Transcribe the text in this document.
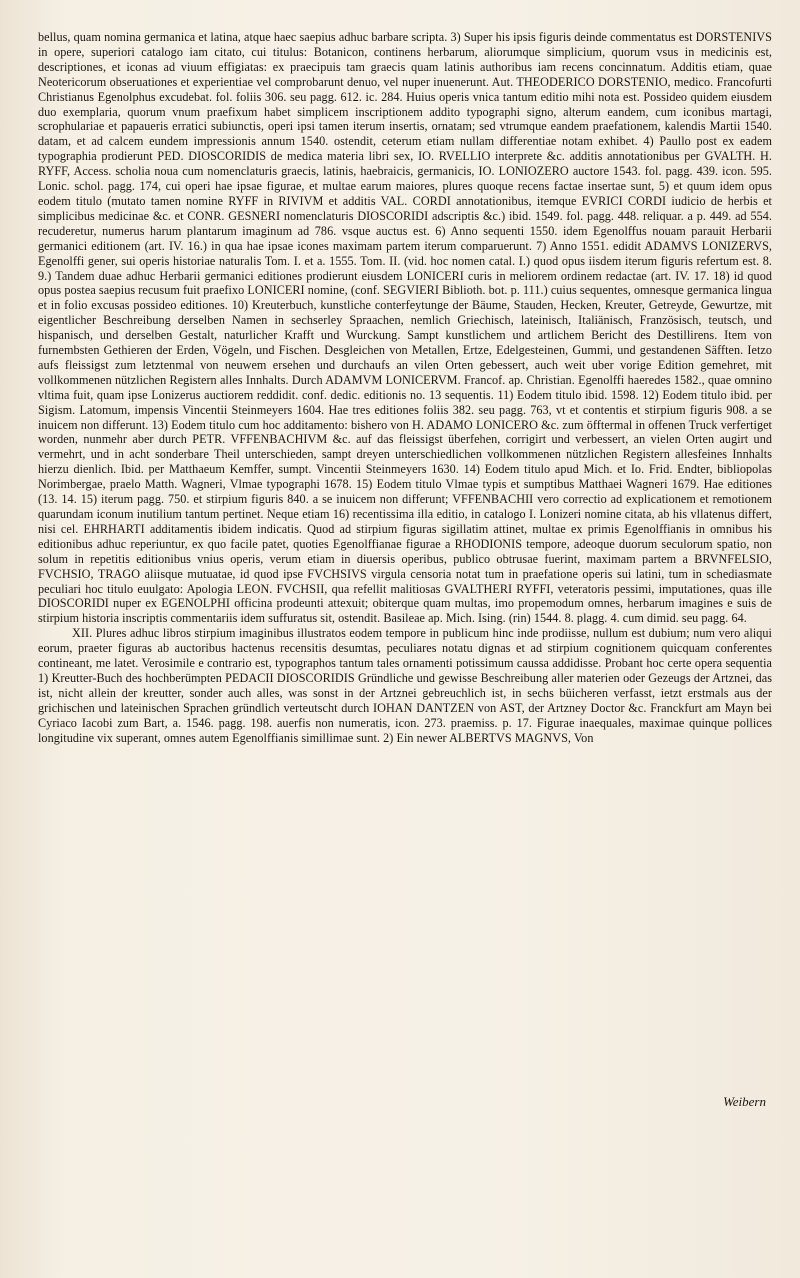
bellus, quam nomina germanica et latina, atque haec saepius adhuc barbare scripta. 3) Super his ipsis figuris deinde commentatus est DORSTENIVS in opere, superiori catalogo iam citato, cui titulus: Botanicon, continens herbarum, aliorumque simplicium, quorum vsus in medicinis est, descriptiones, et iconas ad viuum effigiatas: ex praecipuis tam graecis quam latinis authoribus iam recens concinnatum. Additis etiam, quae Neotericorum obseruationes et experientiae vel comprobarunt denuo, vel nuper inuenerunt. Aut. THEODERICO DORSTENIO, medico. Francofurti Christianus Egenolphus excudebat. fol. foliis 306. seu pagg. 612. ic. 284. Huius operis vnica tantum editio mihi nota est. Possideo quidem eiusdem duo exemplaria, quorum vnum praefixum habet simplicem inscriptionem addito typographi signo, alterum eandem, cum iconibus martagi, scrophulariae et papaueris erratici subiunctis, operi ipsi tamen iterum insertis, ornatam; sed vtrumque eandem praefationem, kalendis Martii 1540. datam, et ad calcem eundem impressionis annum 1540. ostendit, ceterum etiam nullam differentiae notam exhibet. 4) Paullo post ex eadem typographia prodierunt PED. DIOSCORIDIS de medica materia libri sex, IO. RVELLIO interprete &c. additis annotationibus per GVALTH. H. RYFF, Access. scholia noua cum nomenclaturis graecis, latinis, haebraicis, germanicis, IO. LONIOZERO auctore 1543. fol. pagg. 439. icon. 595. Lonic. schol. pagg. 174, cui operi hae ipsae figurae, et multae earum maiores, plures quoque recens factae insertae sunt, 5) et quum idem opus eodem titulo (mutato tamen nomine RYFF in RIVIVM et additis VAL. CORDI annotationibus, itemque EVRICI CORDI iudicio de herbis et simplicibus medicinae &c. et CONR. GESNERI nomenclaturis DIOSCORIDI adscriptis &c.) ibid. 1549. fol. pagg. 448. reliquar. a p. 449. ad 554. recuderetur, numerus harum plantarum imaginum ad 786. vsque auctus est. 6) Anno sequenti 1550. idem Egenolffus nouam parauit Herbarii germanici editionem (art. IV. 16.) in qua hae ipsae icones maximam partem iterum comparuerunt. 7) Anno 1551. edidit ADAMVS LONIZERVS, Egenolffi gener, sui operis historiae naturalis Tom. I. et a. 1555. Tom. II. (vid. hoc nomen catal. I.) quod opus iisdem iterum figuris refertum est. 8. 9.) Tandem duae adhuc Herbarii germanici editiones prodierunt eiusdem LONICERI curis in meliorem ordinem redactae (art. IV. 17. 18) id quod opus postea saepius recusum fuit praefixo LONICERI nomine, (conf. SEGVIERI Biblioth. bot. p. 111.) cuius sequentes, omnesque germanica lingua et in folio excusas possideo editiones. 10) Kreuterbuch, kunstliche conterfeytunge der Bäume, Stauden, Hecken, Kreuter, Getreyde, Gewurtze, mit eigentlicher Beschreibung derselben Namen in sechserley Spraachen, nemlich Griechisch, lateinisch, Italiänisch, Französisch, teutsch, und hispanisch, und derselben Gestalt, naturlicher Krafft und Wurckung. Sampt kunstlichem und artlichem Bericht des Destillirens. Item von furnembsten Gethieren der Erden, Vögeln, und Fischen. Desgleichen von Metallen, Ertze, Edelgesteinen, Gummi, und gestandenen Säfften. Ietzo aufs fleissigst zum letztenmal von neuwem ersehen und durchaufs an vilen Orten gebessert, auch weit uber vorige Edition gemehret, mit vollkommenen nützlichen Registern alles Innhalts. Durch ADAMVM LONICERVM. Francof. ap. Christian. Egenolffi haeredes 1582., quae omnino vltima fuit, quam ipse Lonizerus auctiorem reddidit. conf. dedic. editionis no. 13 sequentis. 11) Eodem titulo ibid. 1598. 12) Eodem titulo ibid. per Sigism. Latomum, impensis Vincentii Steinmeyers 1604. Hae tres editiones foliis 382. seu pagg. 763, vt et contentis et stirpium figuris 908. a se inuicem non differunt. 13) Eodem titulo cum hoc additamento: bishero von H. ADAMO LONICERO &c. zum öfftermal in offenen Truck verfertiget worden, nunmehr aber durch PETR. VFFENBACHIVM &c. auf das fleissigst überfehen, corrigirt und verbessert, an vielen Orten augirt und vermehrt, und in acht sonderbare Theil unterschieden, sampt dreyen unterschiedlichen vollkommenen nützlichen Registern allesfeines Innhalts hierzu dienlich. Ibid. per Matthaeum Kemffer, sumpt. Vincentii Steinmeyers 1630. 14) Eodem titulo apud Mich. et Io. Frid. Endter, bibliopolas Norimbergae, praelo Matth. Wagneri, Vlmae typographi 1678. 15) Eodem titulo Vlmae typis et sumptibus Matthaei Wagneri 1679. Hae editiones (13. 14. 15) iterum pagg. 750. et stirpium figuris 840. a se inuicem non differunt; VFFENBACHII vero correctio ad explicationem et remotionem quarundam iconum inutilium tantum pertinet. Neque etiam 16) recentissima illa editio, in catalogo I. Lonizeri nomine citata, ab his vllatenus differt, nisi cel. EHRHARTI additamentis ibidem indicatis. Quod ad stirpium figuras sigillatim attinet, multae ex primis Egenolffianis in omnibus his editionibus adhuc reperiuntur, ex quo facile patet, quoties Egenolffianae figurae a RHODIONIS tempore, adeoque duorum seculorum spatio, non solum in repetitis editionibus vnius operis, verum etiam in diuersis operibus, publico obtrusae fuerint, maximam partem a BRVNFELSIO, FVCHSIO, TRAGO aliisque mutuatae, id quod ipse FVCHSIVS virgula censoria notat tum in praefatione operis sui latini, tum in schediasmate peculiari hoc titulo euulgato: Apologia LEON. FVCHSII, qua refellit malitiosas GVALTHERI RYFFI, veteratoris pessimi, imputationes, quas ille DIOSCORIDI nuper ex EGENOLPHI officina prodeunti attexuit; obiterque quam multas, imo propemodum omnes, herbarum imagines e suis de stirpium historia inscriptis commentariis idem suffuratus sit, ostendit. Basileae ap. Mich. Ising. (rin) 1544. 8. plagg. 4. cum dimid. seu pagg. 64.

XII. Plures adhuc libros stirpium imaginibus illustratos eodem tempore in publicum hinc inde prodiisse, nullum est dubium; num vero aliqui eorum, praeter figuras ab auctoribus hactenus recensitis desumtas, peculiares notatu dignas et ad stirpium cognitionem quicquam conferentes contineant, me latet. Verosimile e contrario est, typographos tantum tales ornamenti potissimum caussa addidisse. Probant hoc certe opera sequentia 1) Kreutter-Buch des hochberümpten PEDACII DIOSCORIDIS Gründliche und gewisse Beschreibung aller materien oder Gezeugs der Artznei, das ist, nicht allein der kreutter, sonder auch alles, was sonst in der Artznei gebreuchlich ist, in sechs büicheren verfasst, ietzt erstmals aus der grichischen und lateinischen Sprachen gründlich verteutscht durch IOHAN DANTZEN von AST, der Artzney Doctor &c. Franckfurt am Mayn bei Cyriaco Iacobi zum Bart, a. 1546. pagg. 198. auerfis non numeratis, icon. 273. praemiss. p. 17. Figurae inaequales, maximae quinque pollices longitudine vix superant, omnes autem Egenolffianis simillimae sunt. 2) Ein newer ALBERTVS MAGNVS, Von

Weibern
